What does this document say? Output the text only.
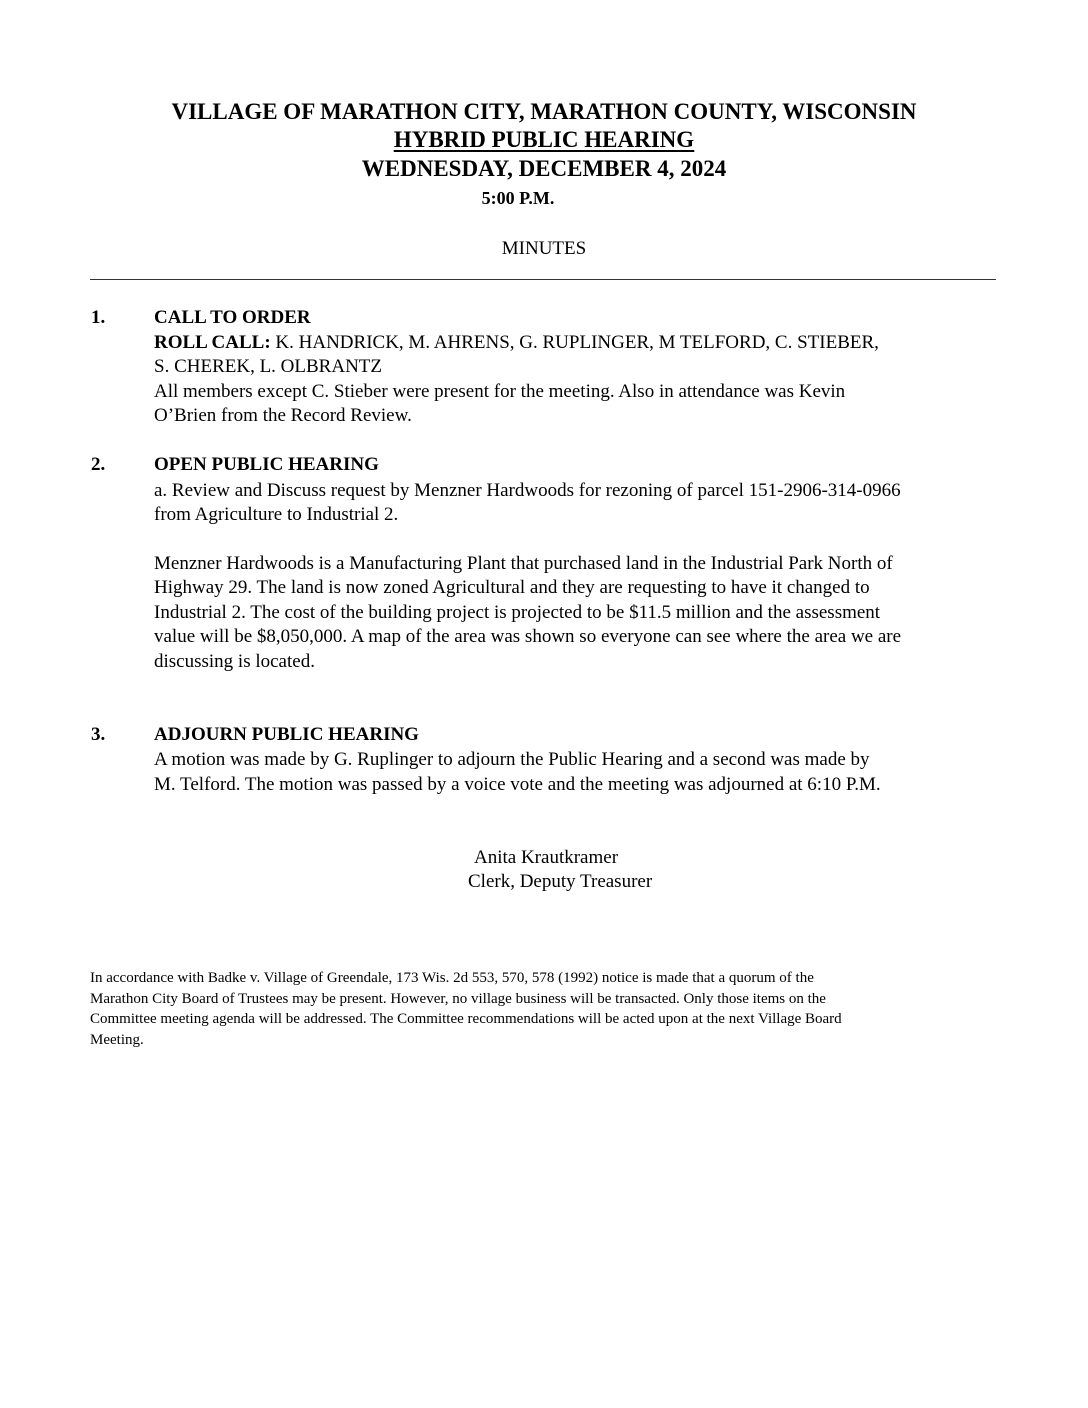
VILLAGE OF MARATHON CITY, MARATHON COUNTY, WISCONSIN
HYBRID PUBLIC HEARING
WEDNESDAY, DECEMBER 4, 2024
5:00 P.M.
MINUTES
1.	CALL TO ORDER
ROLL CALL: K. HANDRICK, M. AHRENS, G. RUPLINGER, M TELFORD, C. STIEBER,
S. CHEREK, L. OLBRANTZ
All members except C. Stieber were present for the meeting. Also in attendance was Kevin
O’Brien from the Record Review.
2.	OPEN PUBLIC HEARING
a. Review and Discuss request by Menzner Hardwoods for rezoning of parcel 151-2906-314-0966
from Agriculture to Industrial 2.
Menzner Hardwoods is a Manufacturing Plant that purchased land in the Industrial Park North of
Highway 29. The land is now zoned Agricultural and they are requesting to have it changed to
Industrial 2. The cost of the building project is projected to be $11.5 million and the assessment
value will be $8,050,000. A map of the area was shown so everyone can see where the area we are
discussing is located.
3.	ADJOURN PUBLIC HEARING
A motion was made by G. Ruplinger to adjourn the Public Hearing and a second was made by
M. Telford. The motion was passed by a voice vote and the meeting was adjourned at 6:10 P.M.
Anita Krautkramer
Clerk, Deputy Treasurer
In accordance with Badke v. Village of Greendale, 173 Wis. 2d 553, 570, 578 (1992) notice is made that a quorum of the
Marathon City Board of Trustees may be present. However, no village business will be transacted. Only those items on the
Committee meeting agenda will be addressed. The Committee recommendations will be acted upon at the next Village Board
Meeting.
